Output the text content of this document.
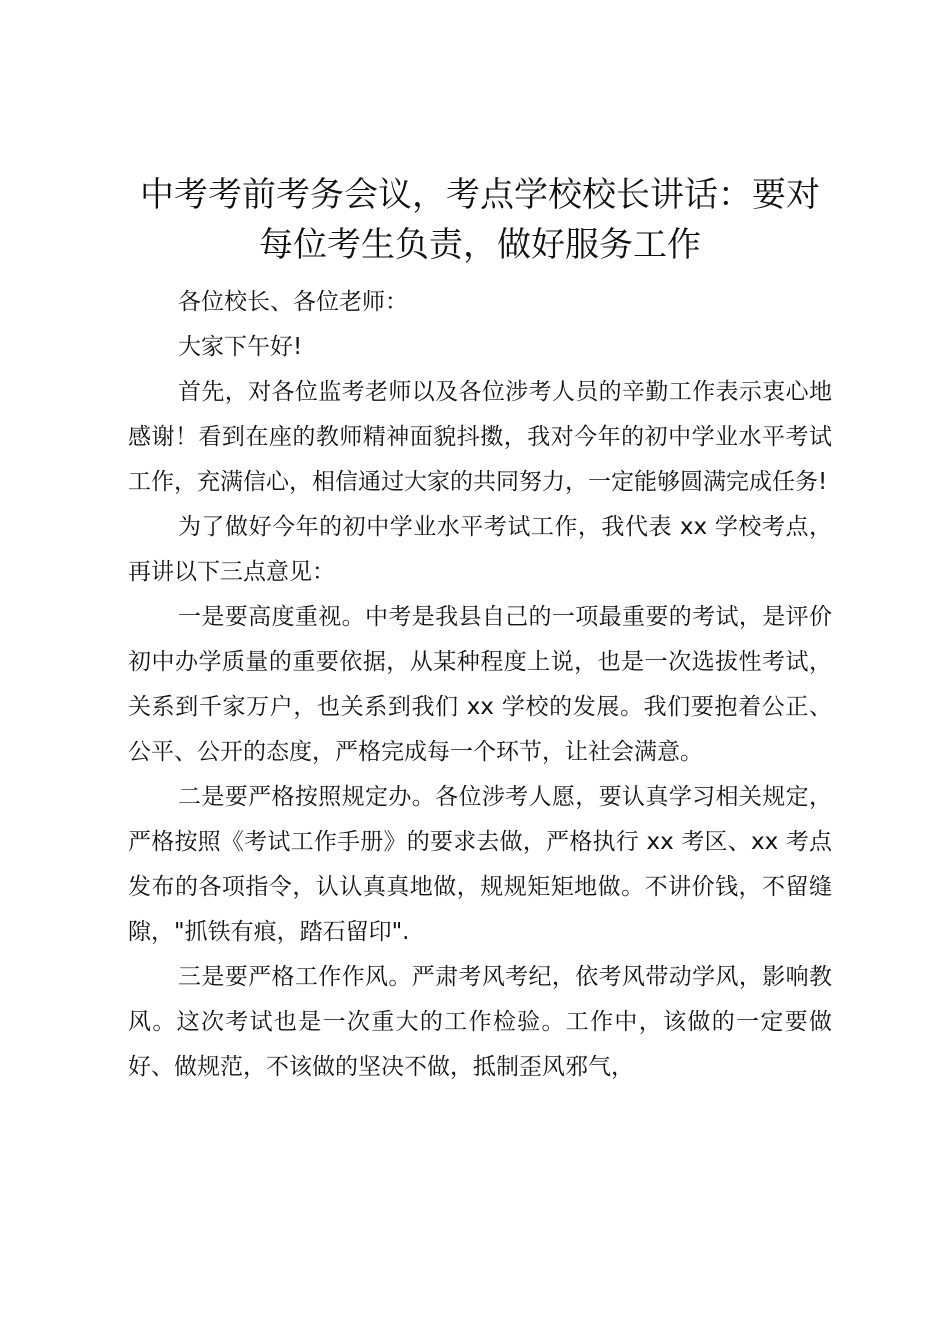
中考考前考务会议，考点学校校长讲话：要对每位考生负责，做好服务工作

各位校长、各位老师：

大家下午好!

首先，对各位监考老师以及各位涉考人员的辛勤工作表示衷心地感谢！看到在座的教师精神面貌抖擞，我对今年的初中学业水平考试工作，充满信心，相信通过大家的共同努力，一定能够圆满完成任务!

为了做好今年的初中学业水平考试工作，我代表 xx 学校考点，再讲以下三点意见：

一是要高度重视。中考是我县自己的一项最重要的考试，是评价初中办学质量的重要依据，从某种程度上说，也是一次选拔性考试，关系到千家万户，也关系到我们 xx 学校的发展。我们要抱着公正、公平、公开的态度，严格完成每一个环节，让社会满意。

二是要严格按照规定办。各位涉考人愿，要认真学习相关规定，严格按照《考试工作手册》的要求去做，严格执行 xx 考区、xx 考点发布的各项指令，认认真真地做，规规矩矩地做。不讲价钱，不留缝隙，"抓铁有痕，踏石留印".

三是要严格工作作风。严肃考风考纪，依考风带动学风，影响教风。这次考试也是一次重大的工作检验。工作中，该做的一定要做好、做规范，不该做的坚决不做，抵制歪风邪气，
